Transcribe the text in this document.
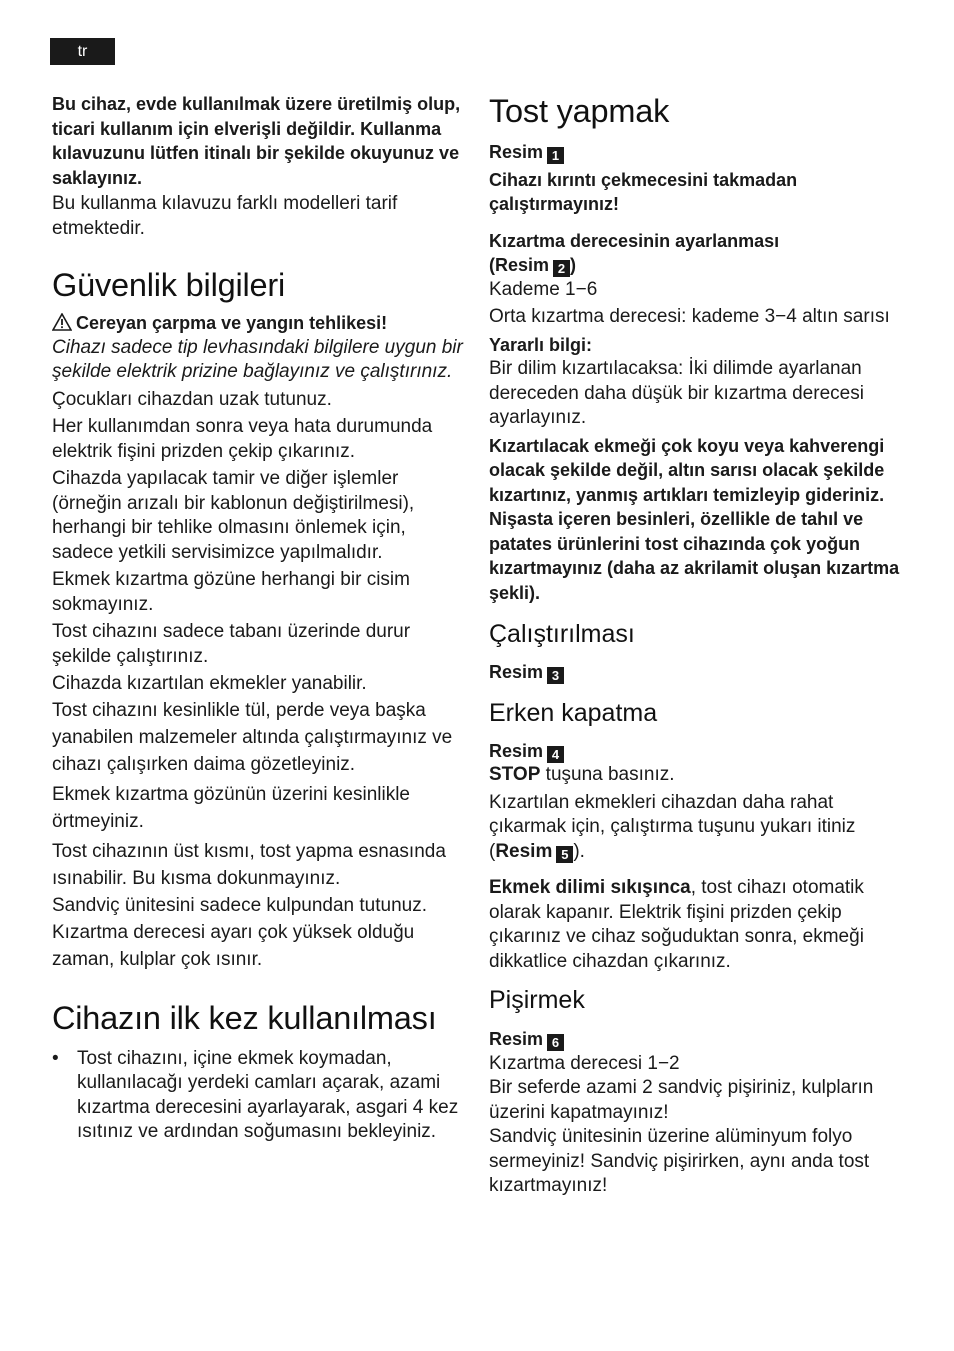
tr

Bu cihaz, evde kullanılmak üzere üretilmiş olup, ticari kullanım için elverişli değildir. Kullanma kılavuzunu lütfen itinalı bir şekilde okuyunuz ve saklayınız.

Bu kullanma kılavuzu farklı modelleri tarif etmektedir.

Güvenlik bilgileri

Cereyan çarpma ve yangın tehlikesi!

Cihazı sadece tip levhasındaki bilgilere uygun bir şekilde elektrik prizine bağlayınız ve çalıştırınız.

Çocukları cihazdan uzak tutunuz.

Her kullanımdan sonra veya hata durumunda elektrik fişini prizden çekip çıkarınız.

Cihazda yapılacak tamir ve diğer işlemler (örneğin arızalı bir kablonun değiştirilmesi), herhangi bir tehlike olmasını önlemek için, sadece yetkili servisimizce yapılmalıdır.

Ekmek kızartma gözüne herhangi bir cisim sokmayınız.

Tost cihazını sadece tabanı üzerinde durur şekilde çalıştırınız.

Cihazda kızartılan ekmekler yanabilir.

Tost cihazını kesinlikle tül, perde veya başka yanabilen malzemeler altında çalıştırmayınız ve cihazı çalışırken daima gözetleyiniz.

Ekmek kızartma gözünün üzerini kesinlikle örtmeyiniz.

Tost cihazının üst kısmı, tost yapma esnasında ısınabilir. Bu kısma dokunmayınız.

Sandviç ünitesini sadece kulpundan tutunuz.

Kızartma derecesi ayarı çok yüksek olduğu zaman, kulplar çok ısınır.

Cihazın ilk kez kullanılması
• Tost cihazını, içine ekmek koymadan, kullanılacağı yerdeki camları açarak, azami kızartma derecesini ayarlayarak, asgari 4 kez ısıtınız ve ardından soğumasını bekleyiniz.

Tost yapmak

Resim 1

Cihazı kırıntı çekmecesini takmadan çalıştırmayınız!

Kızartma derecesinin ayarlanması
(Resim 2 )

Kademe 1−6

Orta kızartma derecesi: kademe 3−4 altın sarısı

Yararlı bilgi:

Bir dilim kızartılacaksa: İki dilimde ayarlanan dereceden daha düşük bir kızartma derecesi ayarlayınız.

Kızartılacak ekmeği çok koyu veya kahverengi olacak şekilde değil, altın sarısı olacak şekilde kızartınız, yanmış artıkları temizleyip gideriniz. Nişasta içeren besinleri, özellikle de tahıl ve patates ürünlerini tost cihazında çok yoğun kızartmayınız (daha az akrilamit oluşan kızartma şekli).

Çalıştırılması

Resim 3

Erken kapatma

Resim 4

STOP tuşuna basınız.

Kızartılan ekmekleri cihazdan daha rahat çıkarmak için, çalıştırma tuşunu yukarı itiniz (Resim 5 ).

Ekmek dilimi sıkışınca, tost cihazı otomatik olarak kapanır. Elektrik fişini prizden çekip çıkarınız ve cihaz soğuduktan sonra, ekmeği dikkatlice cihazdan çıkarınız.

Pişirmek

Resim 6

Kızartma derecesi 1−2

Bir seferde azami 2 sandviç pişiriniz, kulpların üzerini kapatmayınız!

Sandviç ünitesinin üzerine alüminyum folyo sermeyiniz! Sandviç pişirirken, aynı anda tost kızartmayınız!
